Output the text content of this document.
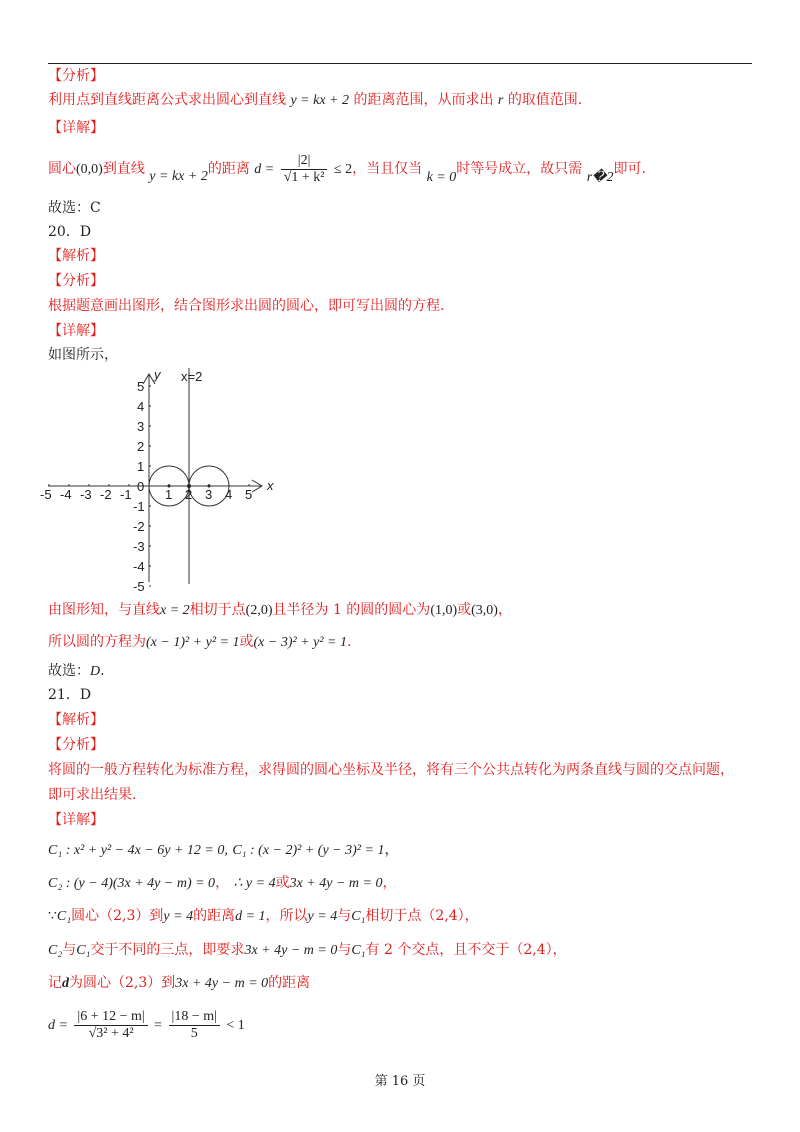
【分析】
利用点到直线距离公式求出圆心到直线 y = kx + 2 的距离范围，从而求出 r 的取值范围.
【详解】
圆心(0,0)到直线 y = kx + 2的距离 $d = \frac{|2|}{\text{√1 + k²}} \le 2$，当且仅当 k = 0时等号成立，故只需 r�2即可.
故选：C
20．D
【解析】
【分析】
根据题意画出图形，结合图形求出圆的圆心，即可写出圆的方程.
【详解】
如图所示，
x=2
x
y
-5 -4 -3 -2 -1	1 2 3 4 5
5
4
3
2
1
0
-1
-2
-3
-4
-5
由图形知，与直线x = 2相切于点(2,0)且半径为 1 的圆的圆心为(1,0)或(3,0)，
所以圆的方程为(x − 1)² + y² = 1或(x − 3)² + y² = 1.
故选：D.
21．D
【解析】
【分析】
将圆的一般方程转化为标准方程，求得圆的圆心坐标及半径，将有三个公共点转化为两条直线与圆的交点问题，
即可求出结果.
【详解】
C₁ : x² + y² − 4x − 6y + 12 = 0, C₁ : (x − 2)² + (y − 3)² = 1，
C₂ : (y − 4)(3x + 4y − m) = 0， ∴ y = 4或3x + 4y − m = 0，
∵C₁圆心（2,3）到y = 4的距离d = 1，所以y = 4与C₁相切于点（2,4），
C₂与C₁交于不同的三点，即要求3x + 4y − m = 0与C₁有 2 个交点，且不交于（2,4），
记d为圆心（2,3）到3x + 4y − m = 0的距离
$d = \frac{|6 + 12 - m|}{\text{√3² + 4²}} = \frac{|18 - m|}{5} < 1$
第 16 页
